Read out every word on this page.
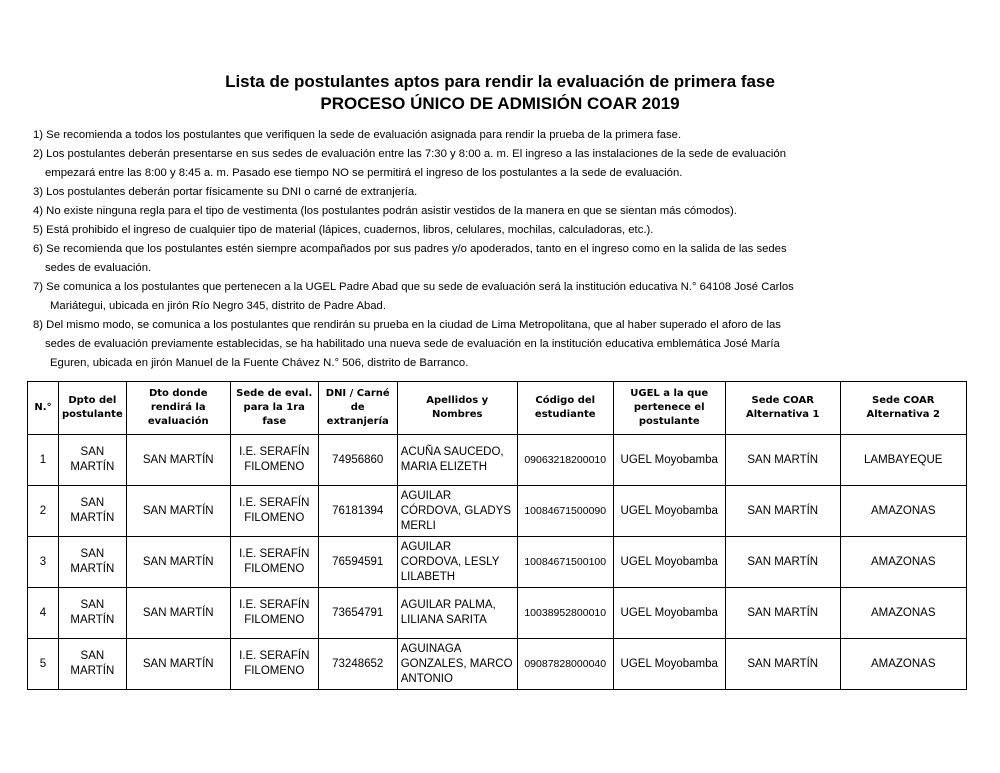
Lista de postulantes aptos para rendir la evaluación de primera fase
PROCESO ÚNICO DE ADMISIÓN COAR 2019

1) Se recomienda a todos los postulantes que verifiquen la sede de evaluación asignada para rendir la prueba de la primera fase.

2) Los postulantes deberán presentarse en sus sedes de evaluación entre las 7:30 y 8:00 a. m. El ingreso a las instalaciones de la sede de evaluación
empezará entre las 8:00 y 8:45 a. m. Pasado ese tiempo NO se permitirá el ingreso de los postulantes a la sede de evaluación.

3) Los postulantes deberán portar físicamente su DNI o carné de extranjería.

4) No existe ninguna regla para el tipo de vestimenta (los postulantes podrán asistir vestidos de la manera en que se sientan más cómodos).

5) Está prohibido el ingreso de cualquier tipo de material (lápices, cuadernos, libros, celulares, mochilas, calculadoras, etc.).

6) Se recomienda que los postulantes estén siempre acompañados por sus padres y/o apoderados, tanto en el ingreso como en la salida de las sedes
sedes de evaluación.

7) Se comunica a los postulantes que pertenecen a la UGEL Padre Abad que su sede de evaluación será la institución educativa N.° 64108 José Carlos
Mariátegui, ubicada en jirón Río Negro 345, distrito de Padre Abad.

8) Del mismo modo, se comunica a los postulantes que rendirán su prueba en la ciudad de Lima Metropolitana, que al haber superado el aforo de las
sedes de evaluación previamente establecidas, se ha habilitado una nueva sede de evaluación en la institución educativa emblemática José María
Eguren, ubicada en jirón Manuel de la Fuente Chávez N.° 506, distrito de Barranco.

N.°	Dpto del postulante	Dto donde rendirá la evaluación	Sede de eval. para la 1ra fase	DNI / Carné de extranjería	Apellidos y Nombres	Código del estudiante	UGEL a la que pertenece el postulante	Sede COAR Alternativa 1	Sede COAR Alternativa 2
1	SAN MARTÍN	SAN MARTÍN	I.E. SERAFÍN FILOMENO	74956860	ACUÑA SAUCEDO, MARIA ELIZETH	09063218200010	UGEL Moyobamba	SAN MARTÍN	LAMBAYEQUE
2	SAN MARTÍN	SAN MARTÍN	I.E. SERAFÍN FILOMENO	76181394	AGUILAR CÓRDOVA, GLADYS MERLI	10084671500090	UGEL Moyobamba	SAN MARTÍN	AMAZONAS
3	SAN MARTÍN	SAN MARTÍN	I.E. SERAFÍN FILOMENO	76594591	AGUILAR CORDOVA, LESLY LILABETH	10084671500100	UGEL Moyobamba	SAN MARTÍN	AMAZONAS
4	SAN MARTÍN	SAN MARTÍN	I.E. SERAFÍN FILOMENO	73654791	AGUILAR PALMA, LILIANA SARITA	10038952800010	UGEL Moyobamba	SAN MARTÍN	AMAZONAS
5	SAN MARTÍN	SAN MARTÍN	I.E. SERAFÍN FILOMENO	73248652	AGUINAGA GONZALES, MARCO ANTONIO	09087828000040	UGEL Moyobamba	SAN MARTÍN	AMAZONAS
